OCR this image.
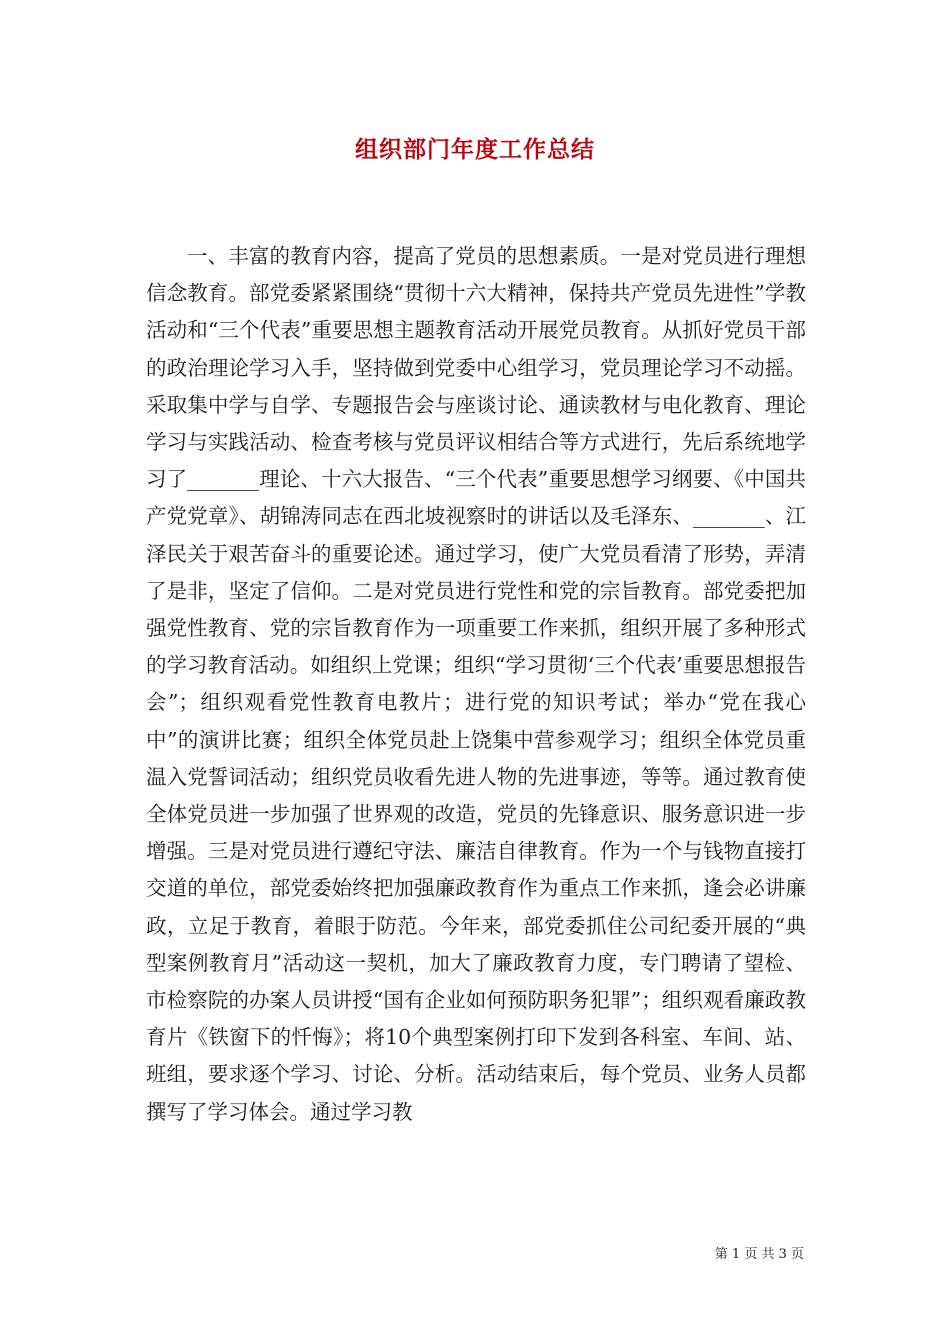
组织部门年度工作总结

一、丰富的教育内容，提高了党员的思想素质。一是对党员进行理想信念教育。部党委紧紧围绕“贯彻十六大精神，保持共产党员先进性”学教活动和“三个代表”重要思想主题教育活动开展党员教育。从抓好党员干部的政治理论学习入手，坚持做到党委中心组学习，党员理论学习不动摇。采取集中学与自学、专题报告会与座谈讨论、通读教材与电化教育、理论学习与实践活动、检查考核与党员评议相结合等方式进行，先后系统地学习了_______理论、十六大报告、“三个代表”重要思想学习纲要、《中国共产党党章》、胡锦涛同志在西北坡视察时的讲话以及毛泽东、_______、江泽民关于艰苦奋斗的重要论述。通过学习，使广大党员看清了形势，弄清了是非，坚定了信仰。二是对党员进行党性和党的宗旨教育。部党委把加强党性教育、党的宗旨教育作为一项重要工作来抓，组织开展了多种形式的学习教育活动。如组织上党课；组织“学习贯彻‘三个代表’重要思想报告会”；组织观看党性教育电教片；进行党的知识考试；举办“党在我心中”的演讲比赛；组织全体党员赴上饶集中营参观学习；组织全体党员重温入党誓词活动；组织党员收看先进人物的先进事迹，等等。通过教育使全体党员进一步加强了世界观的改造，党员的先锋意识、服务意识进一步增强。三是对党员进行遵纪守法、廉洁自律教育。作为一个与钱物直接打交道的单位，部党委始终把加强廉政教育作为重点工作来抓，逢会必讲廉政，立足于教育，着眼于防范。今年来，部党委抓住公司纪委开展的“典型案例教育月”活动这一契机，加大了廉政教育力度，专门聘请了望检、市检察院的办案人员讲授“国有企业如何预防职务犯罪”；组织观看廉政教育片《铁窗下的忏悔》；将10个典型案例打印下发到各科室、车间、站、班组，要求逐个学习、讨论、分析。活动结束后，每个党员、业务人员都撰写了学习体会。通过学习教

第 1 页 共 3 页
